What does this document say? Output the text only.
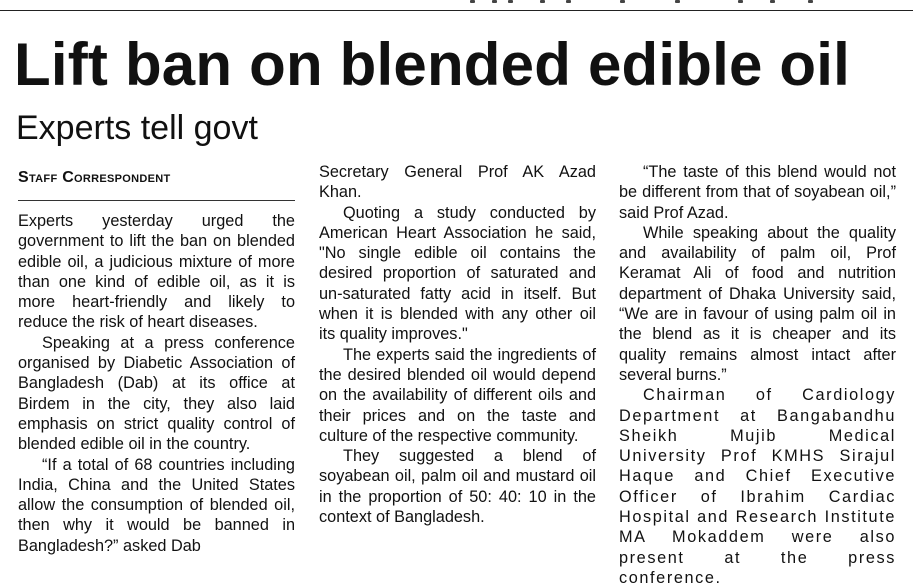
Lift ban on blended edible oil
Experts tell govt
Staff Correspondent

Experts yesterday urged the government to lift the ban on blended edible oil, a judicious mixture of more than one kind of edible oil, as it is more heart-friendly and likely to reduce the risk of heart diseases.

Speaking at a press conference organised by Diabetic Association of Bangladesh (Dab) at its office at Birdem in the city, they also laid emphasis on strict quality control of blended edible oil in the country.

“If a total of 68 countries including India, China and the United States allow the consumption of blended oil, then why it would be banned in Bangladesh?” asked Dab

Secretary General Prof AK Azad Khan.

Quoting a study conducted by American Heart Association he said, "No single edible oil contains the desired proportion of saturated and un-saturated fatty acid in itself. But when it is blended with any other oil its quality improves."

The experts said the ingredients of the desired blended oil would depend on the availability of different oils and their prices and on the taste and culture of the respective community.

They suggested a blend of soyabean oil, palm oil and mustard oil in the proportion of 50: 40: 10 in the context of Bangladesh.

“The taste of this blend would not be different from that of soyabean oil,” said Prof Azad.

While speaking about the quality and availability of palm oil, Prof Keramat Ali of food and nutrition department of Dhaka University said, “We are in favour of using palm oil in the blend as it is cheaper and its quality remains almost intact after several burns.”

Chairman of Cardiology Department at Bangabandhu Sheikh Mujib Medical University Prof KMHS Sirajul Haque and Chief Executive Officer of Ibrahim Cardiac Hospital and Research Institute MA Mokaddem were also present at the press conference.
